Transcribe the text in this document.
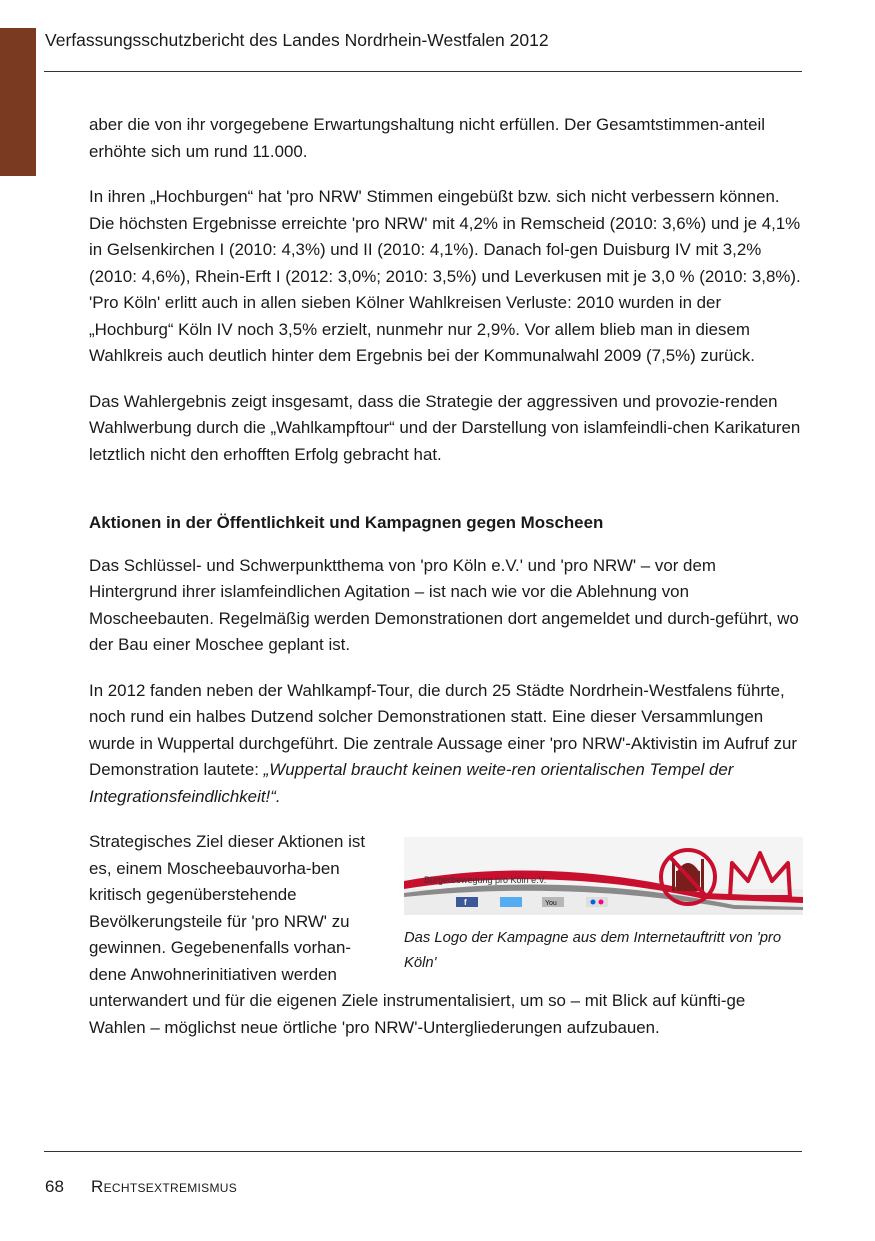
Verfassungsschutzbericht des Landes Nordrhein-Westfalen 2012

aber die von ihr vorgegebene Erwartungshaltung nicht erfüllen. Der Gesamtstimmen-anteil erhöhte sich um rund 11.000.

In ihren „Hochburgen“ hat 'pro NRW' Stimmen eingebüßt bzw. sich nicht verbessern können. Die höchsten Ergebnisse erreichte 'pro NRW' mit 4,2% in Remscheid (2010: 3,6%) und je 4,1% in Gelsenkirchen I (2010: 4,3%) und II (2010: 4,1%). Danach fol-gen Duisburg IV mit 3,2% (2010: 4,6%), Rhein-Erft I (2012: 3,0%; 2010: 3,5%) und Leverkusen mit je 3,0 % (2010: 3,8%). 'Pro Köln' erlitt auch in allen sieben Kölner Wahlkreisen Verluste: 2010 wurden in der „Hochburg“ Köln IV noch 3,5% erzielt, nunmehr nur 2,9%. Vor allem blieb man in diesem Wahlkreis auch deutlich hinter dem Ergebnis bei der Kommunalwahl 2009 (7,5%) zurück.

Das Wahlergebnis zeigt insgesamt, dass die Strategie der aggressiven und provozie-renden Wahlwerbung durch die „Wahlkampftour“ und der Darstellung von islamfeindli-chen Karikaturen letztlich nicht den erhofften Erfolg gebracht hat.

Aktionen in der Öffentlichkeit und Kampagnen gegen Moscheen

Das Schlüssel- und Schwerpunktthema von 'pro Köln e.V.' und 'pro NRW' – vor dem Hintergrund ihrer islamfeindlichen Agitation – ist nach wie vor die Ablehnung von Moscheebauten. Regelmäßig werden Demonstrationen dort angemeldet und durch-geführt, wo der Bau einer Moschee geplant ist.

In 2012 fanden neben der Wahlkampf-Tour, die durch 25 Städte Nordrhein-Westfalens führte, noch rund ein halbes Dutzend solcher Demonstrationen statt. Eine dieser Versammlungen wurde in Wuppertal durchgeführt. Die zentrale Aussage einer 'pro NRW'-Aktivistin im Aufruf zur Demonstration lautete: „Wuppertal braucht keinen weite-ren orientalischen Tempel der Integrationsfeindlichkeit!“.

Bürgerbewegung pro Köln e.V.
f	You
Das Logo der Kampagne aus dem Internetauftritt von 'pro Köln'

Strategisches Ziel dieser Aktionen ist es, einem Moscheebauvorha-ben kritisch gegenüberstehende Bevölkerungsteile für 'pro NRW' zu gewinnen. Gegebenenfalls vorhan-dene Anwohnerinitiativen werden unterwandert und für die eigenen Ziele instrumentalisiert, um so – mit Blick auf künfti-ge Wahlen – möglichst neue örtliche 'pro NRW'-Untergliederungen aufzubauen.

68 Rechtsextremismus
